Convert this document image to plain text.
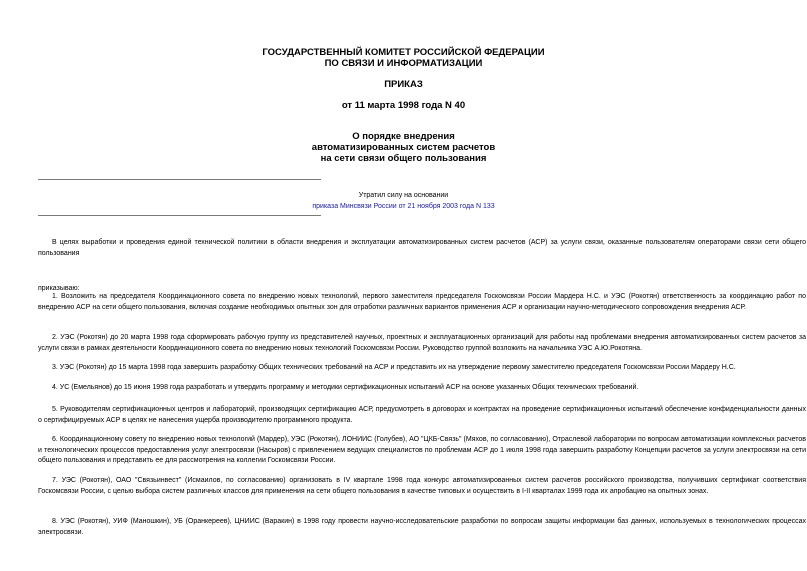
ГОСУДАРСТВЕННЫЙ КОМИТЕТ РОССИЙСКОЙ ФЕДЕРАЦИИ
ПО СВЯЗИ И ИНФОРМАТИЗАЦИИ
ПРИКАЗ
от 11 марта 1998 года N 40
О порядке внедрения
автоматизированных систем расчетов
на сети связи общего пользования
Утратил силу на основании
приказа Минсвязи России от 21 ноября 2003 года N 133
В целях выработки и проведения единой технической политики в области внедрения и эксплуатации автоматизированных систем расчетов (АСР) за услуги связи, оказанные пользователям операторами связи сети общего пользования
приказываю:
1. Возложить на председателя Координационного совета по внедрению новых технологий, первого заместителя председателя Госкомсвязи России Мардера Н.С. и УЭС (Рокотян) ответственность за координацию работ по внедрению АСР на сети общего пользования, включая создание необходимых опытных зон для отработки различных вариантов применения АСР и организации научно-методического сопровождения внедрения АСР.
2. УЭС (Рокотян) до 20 марта 1998 года сформировать рабочую группу из представителей научных, проектных и эксплуатационных организаций для работы над проблемами внедрения автоматизированных систем расчетов за услуги связи в рамках деятельности Координационного совета по внедрению новых технологий Госкомсвязи России. Руководство группой возложить на начальника УЭС А.Ю.Рокотяна.
3. УЭС (Рокотян) до 15 марта 1998 года завершить разработку Общих технических требований на АСР и представить их на утверждение первому заместителю председателя Госкомсвязи России Мардеру Н.С.
4. УС (Емельянов) до 15 июня 1998 года разработать и утвердить программу и методики сертификационных испытаний АСР на основе указанных Общих технических требований.
5. Руководителям сертификационных центров и лабораторий, производящих сертификацию АСР, предусмотреть в договорах и контрактах на проведение сертификационных испытаний обеспечение конфиденциальности данных о сертифицируемых АСР в целях не нанесения ущерба производителю программного продукта.
6. Координационному совету по внедрению новых технологий (Мардер), УЭС (Рокотян), ЛОНИИС (Голубев), АО "ЦКБ-Связь" (Мяхов, по согласованию), Отраслевой лаборатории по вопросам автоматизации комплексных расчетов и технологических процессов предоставления услуг электросвязи (Насыров) с привлечением ведущих специалистов по проблемам АСР до 1 июля 1998 года завершить разработку Концепции расчетов за услуги электросвязи на сети общего пользования и представить ее для рассмотрения на коллегии Госкомсвязи России.
7. УЭС (Рокотян), ОАО "Связьинвест" (Исмаилов, по согласованию) организовать в IV квартале 1998 года конкурс автоматизированных систем расчетов российского производства, получивших сертификат соответствия Госкомсвязи России, с целью выбора систем различных классов для применения на сети общего пользования в качестве типовых и осуществить в I-II кварталах 1999 года их апробацию на опытных зонах.
8. УЭС (Рокотян), УИФ (Маношкин), УБ (Оранкереев), ЦНИИС (Варакин) в 1998 году провести научно-исследовательские разработки по вопросам защиты информации баз данных, используемых в технологических процессах электросвязи.
